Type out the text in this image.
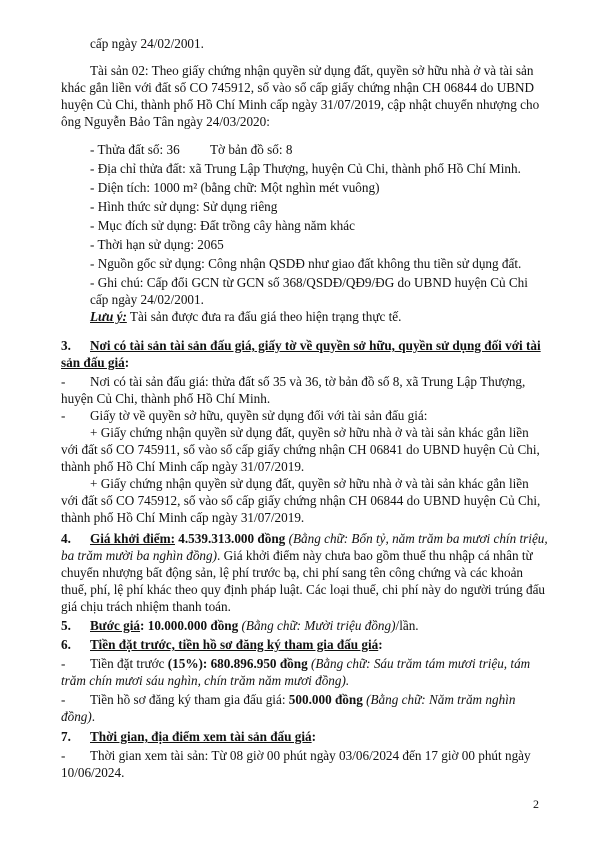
cấp ngày 24/02/2001.
Tài sản 02: Theo giấy chứng nhận quyền sử dụng đất, quyền sở hữu nhà ở và tài sản
khác gắn liền với đất số CO 745912, số vào sổ cấp giấy chứng nhận CH 06844 do UBND
huyện Củ Chi, thành phố Hồ Chí Minh cấp ngày 31/07/2019, cập nhật chuyển nhượng cho
ông Nguyễn Bảo Tân ngày 24/03/2020:
- Thửa đất số: 36 Tờ bản đồ số: 8
- Địa chỉ thửa đất: xã Trung Lập Thượng, huyện Củ Chi, thành phố Hồ Chí Minh.
- Diện tích: 1000 m² (bằng chữ: Một nghìn mét vuông)
- Hình thức sử dụng: Sử dụng riêng
- Mục đích sử dụng: Đất trồng cây hàng năm khác
- Thời hạn sử dụng: 2065
- Nguồn gốc sử dụng: Công nhận QSDĐ như giao đất không thu tiền sử dụng đất.
- Ghi chú: Cấp đổi GCN từ GCN số 368/QSDĐ/QĐ9/ĐG do UBND huyện Củ Chi
cấp ngày 24/02/2001.
Lưu ý: Tài sản được đưa ra đấu giá theo hiện trạng thực tế.
3. Nơi có tài sản tài sản đấu giá, giấy tờ về quyền sở hữu, quyền sử dụng đối với tài
sản đấu giá:
- Nơi có tài sản đấu giá: thửa đất số 35 và 36, tờ bản đồ số 8, xã Trung Lập Thượng,
huyện Củ Chi, thành phố Hồ Chí Minh.
- Giấy tờ về quyền sở hữu, quyền sử dụng đối với tài sản đấu giá:
+ Giấy chứng nhận quyền sử dụng đất, quyền sở hữu nhà ở và tài sản khác gắn liền
với đất số CO 745911, số vào sổ cấp giấy chứng nhận CH 06841 do UBND huyện Củ Chi,
thành phố Hồ Chí Minh cấp ngày 31/07/2019.
+ Giấy chứng nhận quyền sử dụng đất, quyền sở hữu nhà ở và tài sản khác gắn liền
với đất số CO 745912, số vào sổ cấp giấy chứng nhận CH 06844 do UBND huyện Củ Chi,
thành phố Hồ Chí Minh cấp ngày 31/07/2019.
4. Giá khởi điểm: 4.539.313.000 đồng (Bằng chữ: Bốn tỷ, năm trăm ba mươi chín triệu,
ba trăm mười ba nghìn đồng). Giá khởi điểm này chưa bao gồm thuế thu nhập cá nhân từ
chuyển nhượng bất động sản, lệ phí trước bạ, chi phí sang tên công chứng và các khoản
thuế, phí, lệ phí khác theo quy định pháp luật. Các loại thuế, chi phí này do người trúng đấu
giá chịu trách nhiệm thanh toán.
5. Bước giá: 10.000.000 đồng (Bằng chữ: Mười triệu đồng)/lần.
6. Tiền đặt trước, tiền hồ sơ đăng ký tham gia đấu giá:
- Tiền đặt trước (15%): 680.896.950 đồng (Bằng chữ: Sáu trăm tám mươi triệu, tám
trăm chín mươi sáu nghìn, chín trăm năm mươi đồng).
- Tiền hồ sơ đăng ký tham gia đấu giá: 500.000 đồng (Bằng chữ: Năm trăm nghìn
đồng).
7. Thời gian, địa điểm xem tài sản đấu giá:
- Thời gian xem tài sản: Từ 08 giờ 00 phút ngày 03/06/2024 đến 17 giờ 00 phút ngày
10/06/2024.
2
